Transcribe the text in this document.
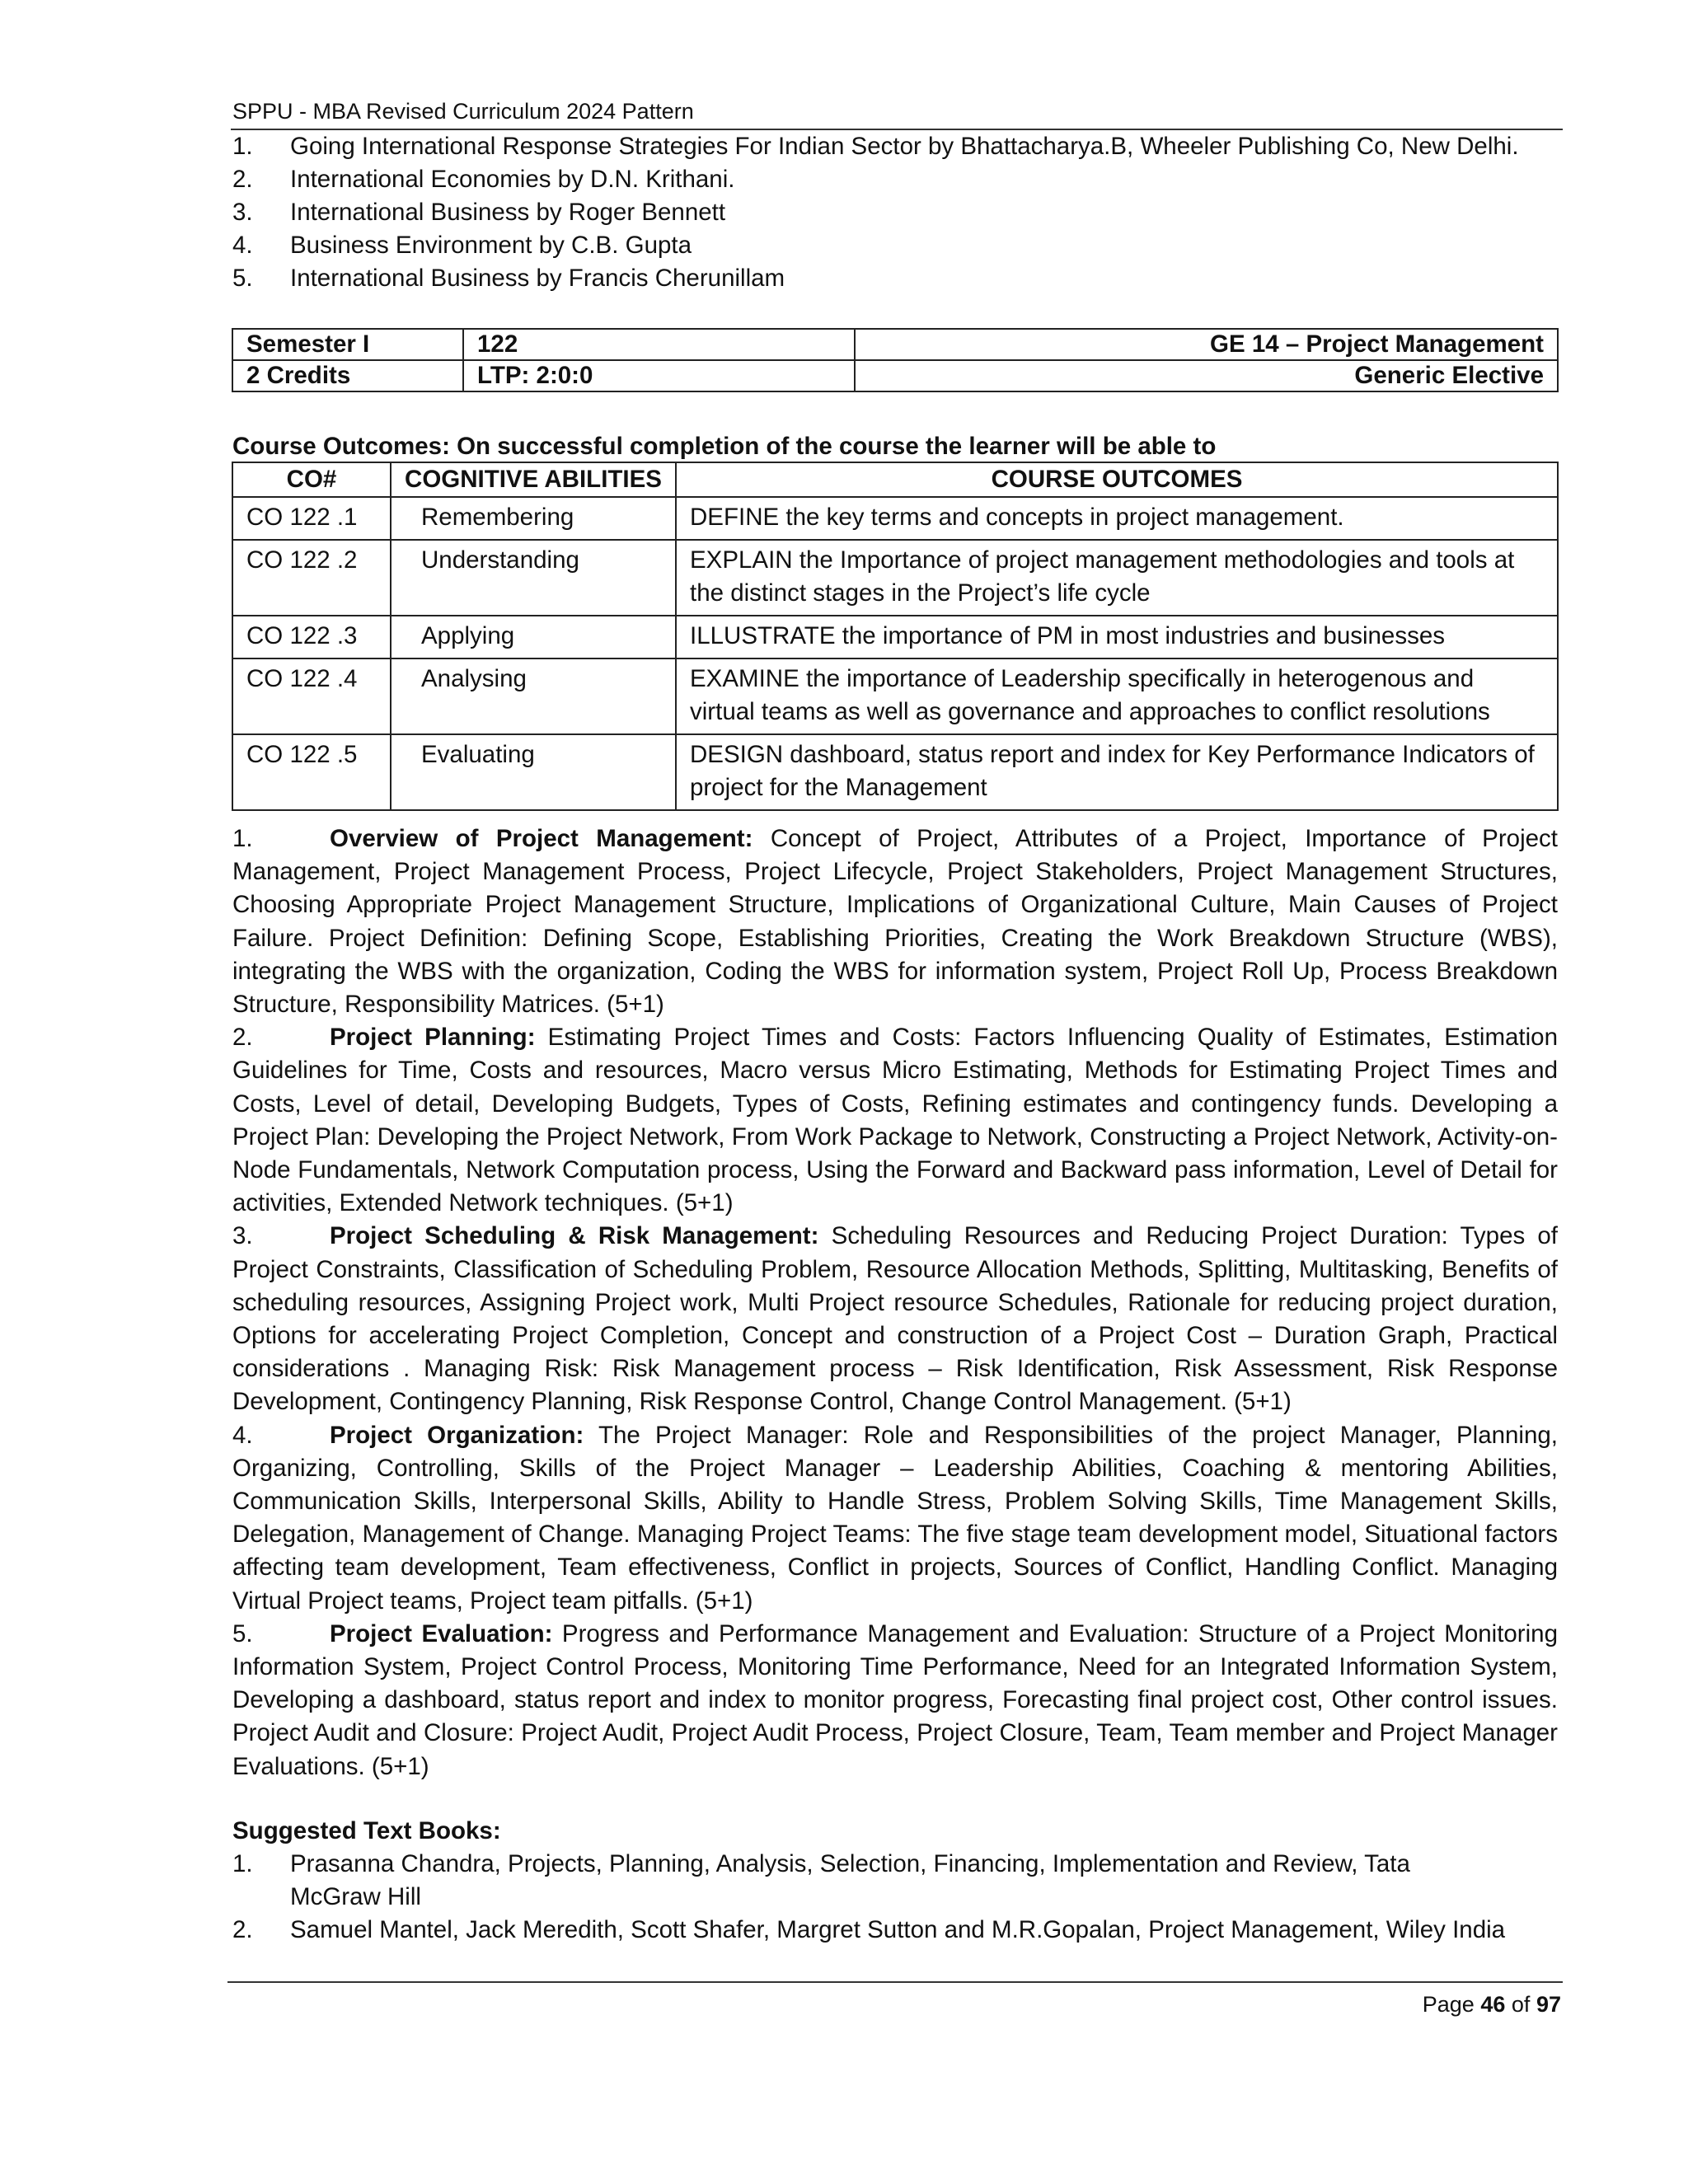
SPPU - MBA Revised Curriculum 2024 Pattern
1. Going International Response Strategies For Indian Sector by Bhattacharya.B, Wheeler Publishing Co, New Delhi.
2. International Economies by D.N. Krithani.
3. International Business by Roger Bennett
4. Business Environment by C.B. Gupta
5. International Business by Francis Cherunillam
Semester I	122	GE 14 – Project Management
2 Credits	LTP: 2:0:0	Generic Elective
Course Outcomes: On successful completion of the course the learner will be able to
CO#	COGNITIVE ABILITIES	COURSE OUTCOMES
CO 122 .1	Remembering	DEFINE the key terms and concepts in project management.
CO 122 .2	Understanding	EXPLAIN the Importance of project management methodologies and tools at the distinct stages in the Project’s life cycle
CO 122 .3	Applying	ILLUSTRATE the importance of PM in most industries and businesses
CO 122 .4	Analysing	EXAMINE the importance of Leadership specifically in heterogenous and virtual teams as well as governance and approaches to conflict resolutions
CO 122 .5	Evaluating	DESIGN dashboard, status report and index for Key Performance Indicators of project for the Management
1.	Overview of Project Management: Concept of Project, Attributes of a Project, Importance of Project Management, Project Management Process, Project Lifecycle, Project Stakeholders, Project Management Structures, Choosing Appropriate Project Management Structure, Implications of Organizational Culture, Main Causes of Project Failure. Project Definition: Defining Scope, Establishing Priorities, Creating the Work Breakdown Structure (WBS), integrating the WBS with the organization, Coding the WBS for information system, Project Roll Up, Process Breakdown Structure, Responsibility Matrices. (5+1)
2.	Project Planning: Estimating Project Times and Costs: Factors Influencing Quality of Estimates, Estimation Guidelines for Time, Costs and resources, Macro versus Micro Estimating, Methods for Estimating Project Times and Costs, Level of detail, Developing Budgets, Types of Costs, Refining estimates and contingency funds. Developing a Project Plan: Developing the Project Network, From Work Package to Network, Constructing a Project Network, Activity-on-Node Fundamentals, Network Computation process, Using the Forward and Backward pass information, Level of Detail for activities, Extended Network techniques. (5+1)
3.	Project Scheduling & Risk Management: Scheduling Resources and Reducing Project Duration: Types of Project Constraints, Classification of Scheduling Problem, Resource Allocation Methods, Splitting, Multitasking, Benefits of scheduling resources, Assigning Project work, Multi Project resource Schedules, Rationale for reducing project duration, Options for accelerating Project Completion, Concept and construction of a Project Cost – Duration Graph, Practical considerations . Managing Risk: Risk Management process – Risk Identification, Risk Assessment, Risk Response Development, Contingency Planning, Risk Response Control, Change Control Management. (5+1)
4.	Project Organization: The Project Manager: Role and Responsibilities of the project Manager, Planning, Organizing, Controlling, Skills of the Project Manager – Leadership Abilities, Coaching & mentoring Abilities, Communication Skills, Interpersonal Skills, Ability to Handle Stress, Problem Solving Skills, Time Management Skills, Delegation, Management of Change. Managing Project Teams: The five stage team development model, Situational factors affecting team development, Team effectiveness, Conflict in projects, Sources of Conflict, Handling Conflict. Managing Virtual Project teams, Project team pitfalls. (5+1)
5.	Project Evaluation: Progress and Performance Management and Evaluation: Structure of a Project Monitoring Information System, Project Control Process, Monitoring Time Performance, Need for an Integrated Information System, Developing a dashboard, status report and index to monitor progress, Forecasting final project cost, Other control issues. Project Audit and Closure: Project Audit, Project Audit Process, Project Closure, Team, Team member and Project Manager Evaluations. (5+1)
Suggested Text Books:
1. Prasanna Chandra, Projects, Planning, Analysis, Selection, Financing, Implementation and Review, Tata McGraw Hill
2. Samuel Mantel, Jack Meredith, Scott Shafer, Margret Sutton and M.R.Gopalan, Project Management, Wiley India
Page 46 of 97
